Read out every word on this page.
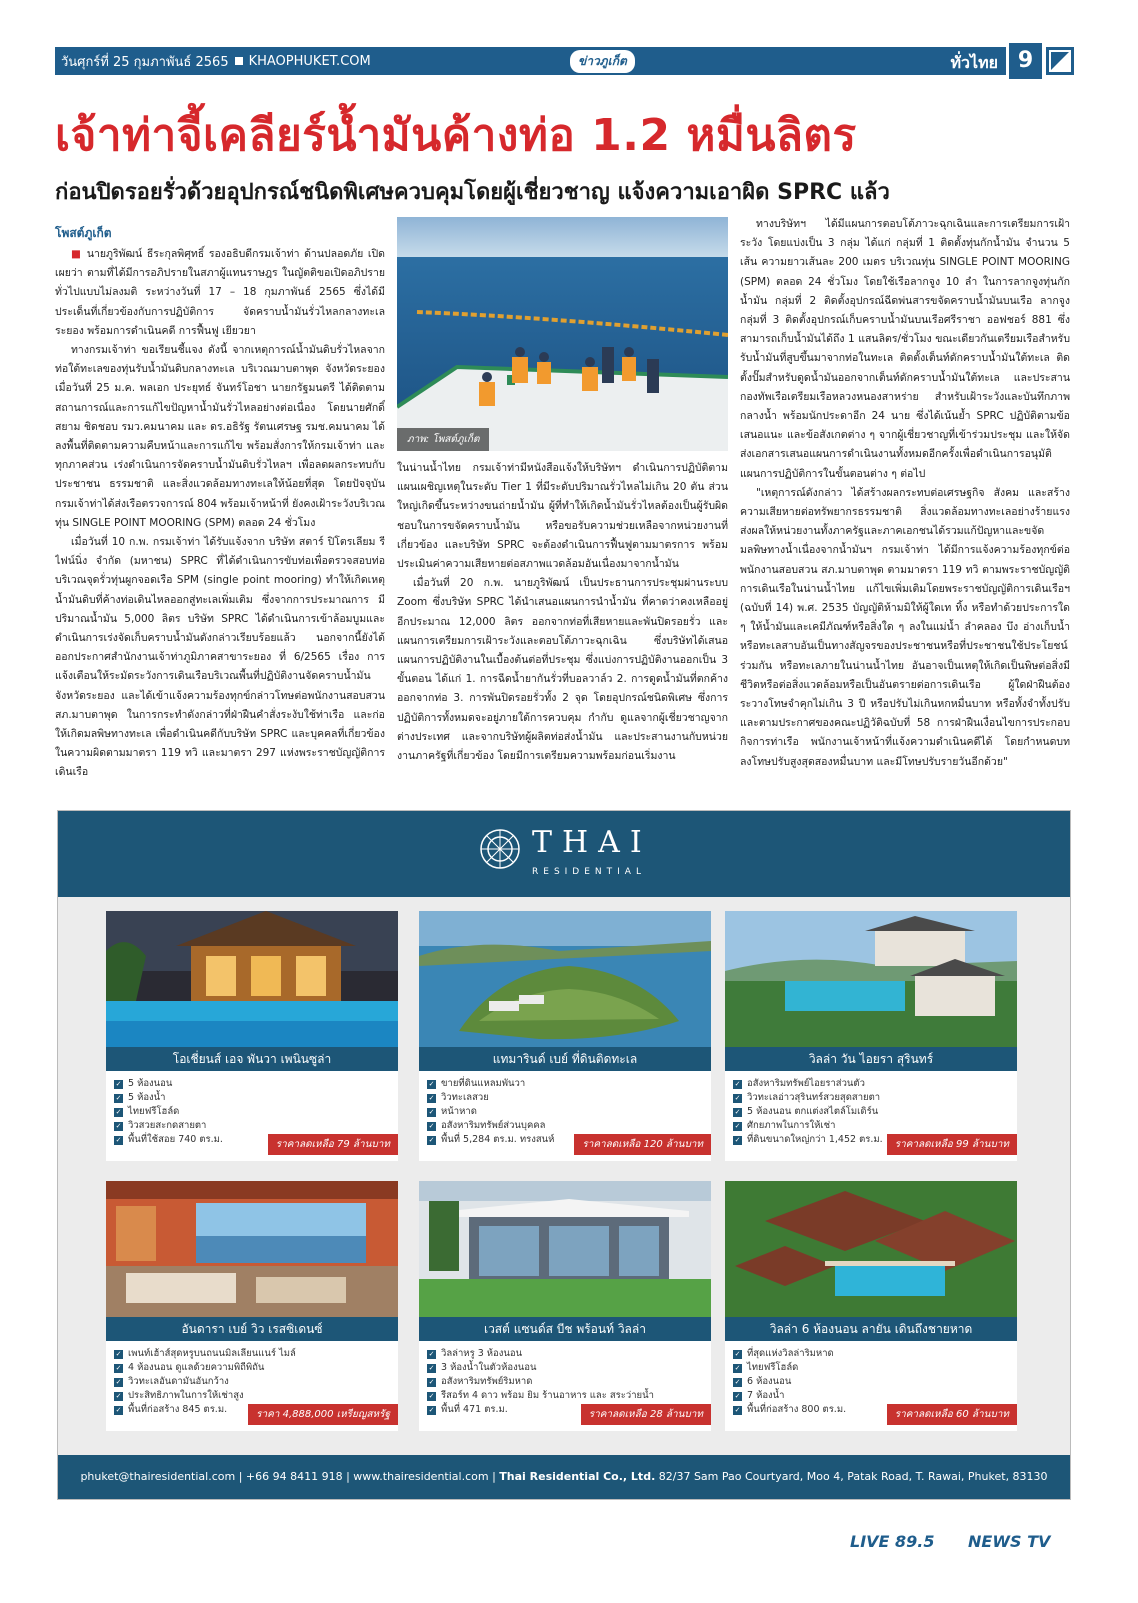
วันศุกร์ที่ 25 กุมภาพันธ์ 2565 KHAOPHUKET.COM	ข่าวภูเก็ต	ทั่วไทย 9
เจ้าท่าจี้เคลียร์น้ำมันค้างท่อ 1.2 หมื่นลิตร
ก่อนปิดรอยรั่วด้วยอุปกรณ์ชนิดพิเศษควบคุมโดยผู้เชี่ยวชาญ แจ้งความเอาผิด SPRC แล้ว
โพสต์ภูเก็ต

■ นายภูริพัฒน์ ธีระกุลพิศุทธิ์ รองอธิบดีกรมเจ้าท่า ด้านปลอดภัย เปิดเผยว่า ตามที่ได้มีการอภิปรายในสภาผู้แทนราษฎร ในญัตติขอเปิดอภิปรายทั่วไปแบบไม่ลงมติ ระหว่างวันที่ 17 – 18 กุมภาพันธ์ 2565 ซึ่งได้มีประเด็นที่เกี่ยวข้องกับการปฏิบัติการ จัดคราบน้ำมันรั่วไหลกลางทะเลระยอง พร้อมการดำเนินคดี การฟื้นฟู เยียวยา

ทางกรมเจ้าท่า ขอเรียนชี้แจง ดังนี้ จากเหตุการณ์น้ำมันดิบรั่วไหลจากท่อใต้ทะเลของทุ่นรับน้ำมันดิบกลางทะเล บริเวณมาบตาพุด จังหวัดระยอง เมื่อวันที่ 25 ม.ค. พลเอก ประยุทธ์ จันทร์โอชา นายกรัฐมนตรี ได้ติดตามสถานการณ์และการแก้ไขปัญหาน้ำมันรั่วไหลอย่างต่อเนื่อง โดยนายศักดิ์สยาม ชิดชอบ รมว.คมนาคม และ ดร.อธิรัฐ รัตนเศรษฐ รมช.คมนาคม ได้ลงพื้นที่ติดตามความคืบหน้าและการแก้ไข พร้อมสั่งการให้กรมเจ้าท่า และทุกภาคส่วน เร่งดำเนินการจัดคราบน้ำมันดิบรั่วไหลฯ เพื่อลดผลกระทบกับประชาชน ธรรมชาติ และสิ่งแวดล้อมทางทะเลให้น้อยที่สุด โดยปัจจุบัน กรมเจ้าท่าได้ส่งเรือตรวจการณ์ 804 พร้อมเจ้าหน้าที่ ยังคงเฝ้าระวังบริเวณทุ่น SINGLE POINT MOORING (SPM) ตลอด 24 ชั่วโมง

เมื่อวันที่ 10 ก.พ. กรมเจ้าท่า ได้รับแจ้งจาก บริษัท สตาร์ ปิโตรเลียม รีไฟน์นิ่ง จำกัด (มหาชน) SPRC ที่ได้ดำเนินการขับท่อเพื่อตรวจสอบท่อบริเวณจุดรั่วทุ่นผูกจอดเรือ SPM (single point mooring) ทำให้เกิดเหตุน้ำมันดิบที่ค้างท่อเดินไหลออกสู่ทะเลเพิ่มเติม ซึ่งจากการประมาณการ มีปริมาณน้ำมัน 5,000 ลิตร บริษัท SPRC ได้ดำเนินการเข้าล้อมบูมและดำเนินการเร่งจัดเก็บคราบน้ำมันดังกล่าวเรียบร้อยแล้ว นอกจากนี้ยังได้ออกประกาศสำนักงานเจ้าท่าภูมิภาคสาขาระยอง ที่ 6/2565 เรื่อง การแจ้งเตือนให้ระมัดระวังการเดินเรือบริเวณพื้นที่ปฏิบัติงานจัดคราบน้ำมันจังหวัดระยอง และได้เข้าแจ้งความร้องทุกข์กล่าวโทษต่อพนักงานสอบสวนสภ.มาบตาพุด ในการกระทำดังกล่าวที่ฝ่าฝืนคำสั่งระงับใช้ท่าเรือ และก่อให้เกิดมลพิษทางทะเล เพื่อดำเนินคดีกับบริษัท SPRC และบุคคลที่เกี่ยวข้องในความผิดตามมาตรา 119 ทวิ และมาตรา 297 แห่งพระราชบัญญัติการเดินเรือ

ภาพ: โพสต์ภูเก็ต

ในน่านน้ำไทย กรมเจ้าท่ามีหนังสือแจ้งให้บริษัทฯ ดำเนินการปฏิบัติตามแผนเผชิญเหตุในระดับ Tier 1 ที่มีระดับปริมาณรั่วไหลไม่เกิน 20 ตัน ส่วนใหญ่เกิดขึ้นระหว่างขนถ่ายน้ำมัน ผู้ที่ทำให้เกิดน้ำมันรั่วไหลต้องเป็นผู้รับผิดชอบในการขจัดคราบน้ำมัน หรือขอรับความช่วยเหลือจากหน่วยงานที่เกี่ยวข้อง และบริษัท SPRC จะต้องดำเนินการฟื้นฟูตามมาตรการ พร้อมประเมินค่าความเสียหายต่อสภาพแวดล้อมอันเนื่องมาจากน้ำมัน

เมื่อวันที่ 20 ก.พ. นายภูริพัฒน์ เป็นประธานการประชุมผ่านระบบ Zoom ซึ่งบริษัท SPRC ได้นำเสนอแผนการนำน้ำมัน ที่คาดว่าคงเหลืออยู่อีกประมาณ 12,000 ลิตร ออกจากท่อที่เสียหายและพันปิดรอยรั่ว และแผนการเตรียมการเฝ้าระวังและตอบโต้ภาวะฉุกเฉิน ซึ่งบริษัทได้เสนอแผนการปฏิบัติงานในเบื้องต้นต่อที่ประชุม ซึ่งแบ่งการปฏิบัติงานออกเป็น 3 ขั้นตอน ได้แก่ 1. การฉีดน้ำยากันรั่วที่บอลวาล์ว 2. การดูดน้ำมันที่ตกค้างออกจากท่อ 3. การพันปิดรอยรั่วทั้ง 2 จุด โดยอุปกรณ์ชนิดพิเศษ ซึ่งการปฏิบัติการทั้งหมดจะอยู่ภายใต้การควบคุม กำกับ ดูแลจากผู้เชี่ยวชาญจากต่างประเทศ และจากบริษัทผู้ผลิตท่อส่งน้ำมัน และประสานงานกับหน่วยงานภาครัฐที่เกี่ยวข้อง โดยมีการเตรียมความพร้อมก่อนเริ่มงาน

ทางบริษัทฯ ได้มีแผนการตอบโต้ภาวะฉุกเฉินและการเตรียมการเฝ้าระวัง โดยแบ่งเป็น 3 กลุ่ม ได้แก่ กลุ่มที่ 1 ติดตั้งทุ่นกักน้ำมัน จำนวน 5 เส้น ความยาวเส้นละ 200 เมตร บริเวณทุ่น SINGLE POINT MOORING (SPM) ตลอด 24 ชั่วโมง โดยใช้เรือลากจูง 10 ลำ ในการลากจูงทุ่นกักน้ำมัน กลุ่มที่ 2 ติดตั้งอุปกรณ์ฉีดพ่นสารขจัดคราบน้ำมันบนเรือ ลากจูง กลุ่มที่ 3 ติดตั้งอุปกรณ์เก็บคราบน้ำมันบนเรือศรีราชา ออฟชอร์ 881 ซึ่งสามารถเก็บน้ำมันได้ถึง 1 แสนลิตร/ชั่วโมง ขณะเดียวกันเตรียมเรือสำหรับรับน้ำมันที่สูบขึ้นมาจากท่อในทะเล ติดตั้งเต็นท์ดักคราบน้ำมันใต้ทะเล ติดตั้งปั๊มสำหรับดูดน้ำมันออกจากเต็นท์ดักคราบน้ำมันใต้ทะเล และประสานกองทัพเรือเตรียมเรือหลวงหนองสาหร่าย สำหรับเฝ้าระวังและบันทึกภาพกลางน้ำ พร้อมนักประดาอีก 24 นาย ซึ่งได้เน้นย้ำ SPRC ปฏิบัติตามข้อเสนอแนะ และข้อสังเกตต่าง ๆ จากผู้เชี่ยวชาญที่เข้าร่วมประชุม และให้จัดส่งเอกสารเสนอแผนการดำเนินงานทั้งหมดอีกครั้งเพื่อดำเนินการอนุมัติแผนการปฏิบัติการในขั้นตอนต่าง ๆ ต่อไป

"เหตุการณ์ดังกล่าว ได้สร้างผลกระทบต่อเศรษฐกิจ สังคม และสร้างความเสียหายต่อทรัพยากรธรรมชาติ สิ่งแวดล้อมทางทะเลอย่างร้ายแรง ส่งผลให้หน่วยงานทั้งภาครัฐและภาคเอกชนได้รวมแก้ปัญหาและขจัดมลพิษทางน้ำเนื่องจากน้ำมันฯ กรมเจ้าท่า ได้มีการแจ้งความร้องทุกข์ต่อพนักงานสอบสวน สภ.มาบตาพุด ตามมาตรา 119 ทวิ ตามพระราชบัญญัติการเดินเรือในน่านน้ำไทย แก้ไขเพิ่มเติมโดยพระราชบัญญัติการเดินเรือฯ (ฉบับที่ 14) พ.ศ. 2535 บัญญัติห้ามมิให้ผู้ใดเท ทิ้ง หรือทำด้วยประการใด ๆ ให้น้ำมันและเคมีภัณฑ์หรือสิ่งใด ๆ ลงในแม่น้ำ ลำคลอง บึง อ่างเก็บน้ำ หรือทะเลสาบอันเป็นทางสัญจรของประชาชนหรือที่ประชาชนใช้ประโยชน์ร่วมกัน หรือทะเลภายในน่านน้ำไทย อันอาจเป็นเหตุให้เกิดเป็นพิษต่อสิ่งมีชีวิตหรือต่อสิ่งแวดล้อมหรือเป็นอันตรายต่อการเดินเรือ ผู้ใดฝ่าฝืนต้องระวางโทษจำคุกไม่เกิน 3 ปี หรือปรับไม่เกินหกหมื่นบาท หรือทั้งจำทั้งปรับ และตามประกาศของคณะปฏิวัติฉบับที่ 58 การฝ่าฝืนเงื่อนไขการประกอบกิจการท่าเรือ พนักงานเจ้าหน้าที่แจ้งความดำเนินคดีได้ โดยกำหนดบทลงโทษปรับสูงสุดสองหมื่นบาท และมีโทษปรับรายวันอีกด้วย"

THAI
RESIDENTIAL
โอเชี่ยนส์ เอจ พันวา เพนินซูล่า
✓ 5 ห้องนอน
✓ 5 ห้องน้ำ
✓ ไทยฟรีโฮล์ด
✓ วิวสวยสะกดสายตา
✓ พื้นที่ใช้สอย 740 ตร.ม.	ราคาลดเหลือ 79 ล้านบาท
แทมารินด์ เบย์ ที่ดินติดทะเล
✓ ขายที่ดินแหลมพันวา
✓ วิวทะเลสวย
✓ หน้าหาด
✓ อสังหาริมทรัพย์ส่วนบุคคล
✓ พื้นที่ 5,284 ตร.ม. ทรงสนห์	ราคาลดเหลือ 120 ล้านบาท
วิลล่า วัน ไอยรา สุรินทร์
✓ อสังหาริมทรัพย์ไอยราส่วนตัว
✓ วิวทะเลอ่าวสุรินทร์สวยสุดสายตา
✓ 5 ห้องนอน ตกแต่งสไตล์โมเดิร์น
✓ ศักยภาพในการให้เช่า
✓ ที่ดินขนาดใหญ่กว่า 1,452 ตร.ม.	ราคาลดเหลือ 99 ล้านบาท
อันดารา เบย์ วิว เรสซิเดนซ์
✓ เพนท์เฮ้าส์สุดหรูบนถนนมิลเลียนแนร์ ไมล์
✓ 4 ห้องนอน ดูแลด้วยความพิถีพิถัน
✓ วิวทะเลอันดามันอันกว้าง
✓ ประสิทธิภาพในการให้เช่าสูง
✓ พื้นที่ก่อสร้าง 845 ตร.ม.	ราคา 4,888,000 เหรียญสหรัฐ
เวสต์ แซนด์ส บีช พร้อนท์ วิลล่า
✓ วิลล่าหรู 3 ห้องนอน
✓ 3 ห้องน้ำในตัวห้องนอน
✓ อสังหาริมทรัพย์ริมหาด
✓ รีสอร์ท 4 ดาว พร้อม ยิม ร้านอาหาร และ สระว่ายน้ำ
✓ พื้นที่ 471 ตร.ม.	ราคาลดเหลือ 28 ล้านบาท
วิลล่า 6 ห้องนอน ลายัน เดินถึงชายหาด
✓ ที่สุดแห่งวิลล่าริมหาด
✓ ไทยฟรีโฮล์ด
✓ 6 ห้องนอน
✓ 7 ห้องน้ำ
✓ พื้นที่ก่อสร้าง 800 ตร.ม.	ราคาลดเหลือ 60 ล้านบาท
phuket@thairesidential.com | +66 94 8411 918 | www.thairesidential.com | Thai Residential Co., Ltd. 82/37 Sam Pao Courtyard, Moo 4, Patak Road, T. Rawai, Phuket, 83130
LIVE 89.5 NEWS TV
